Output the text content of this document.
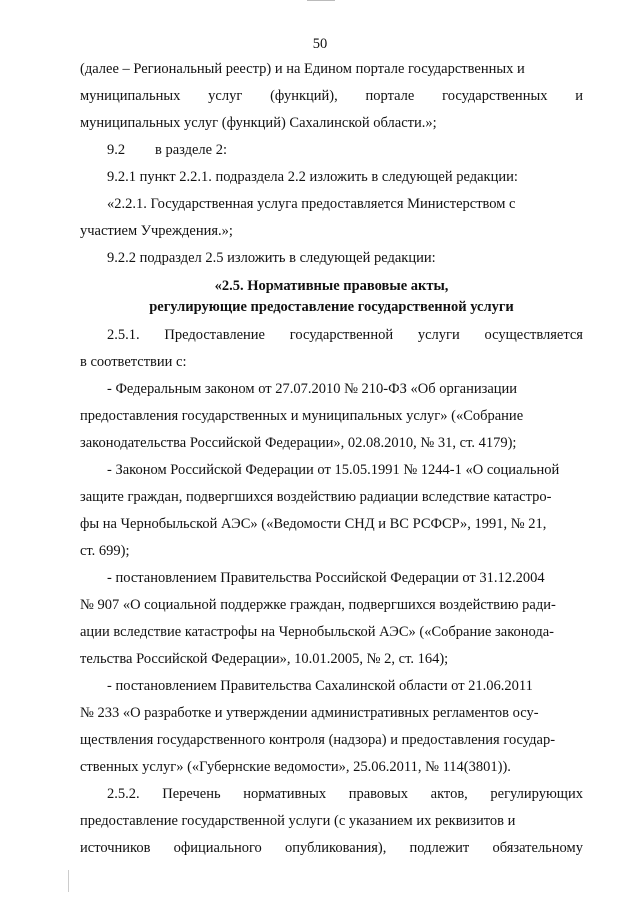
50
(далее – Региональный реестр) и на Едином портале государственных и
муниципальных услуг (функций), портале государственных и
муниципальных услуг (функций) Сахалинской области.»;
9.2 в разделе 2:
9.2.1 пункт 2.2.1. подраздела 2.2 изложить в следующей редакции:
«2.2.1. Государственная услуга предоставляется Министерством с
участием Учреждения.»;
9.2.2 подраздел 2.5 изложить в следующей редакции:
«2.5. Нормативные правовые акты,
регулирующие предоставление государственной услуги
2.5.1. Предоставление государственной услуги осуществляется
в соответствии с:
- Федеральным законом от 27.07.2010 № 210-ФЗ «Об организации
предоставления государственных и муниципальных услуг» («Собрание
законодательства Российской Федерации», 02.08.2010, № 31, ст. 4179);
- Законом Российской Федерации от 15.05.1991 № 1244-1 «О социальной
защите граждан, подвергшихся воздействию радиации вследствие катастро-
фы на Чернобыльской АЭС» («Ведомости СНД и ВС РСФСР», 1991, № 21,
ст. 699);
- постановлением Правительства Российской Федерации от 31.12.2004
№ 907 «О социальной поддержке граждан, подвергшихся воздействию ради-
ации вследствие катастрофы на Чернобыльской АЭС» («Собрание законода-
тельства Российской Федерации», 10.01.2005, № 2, ст. 164);
- постановлением Правительства Сахалинской области от 21.06.2011
№ 233 «О разработке и утверждении административных регламентов осу-
ществления государственного контроля (надзора) и предоставления государ-
ственных услуг» («Губернские ведомости», 25.06.2011, № 114(3801)).
2.5.2. Перечень нормативных правовых актов, регулирующих
предоставление государственной услуги (с указанием их реквизитов и
источников официального опубликования), подлежит обязательному
